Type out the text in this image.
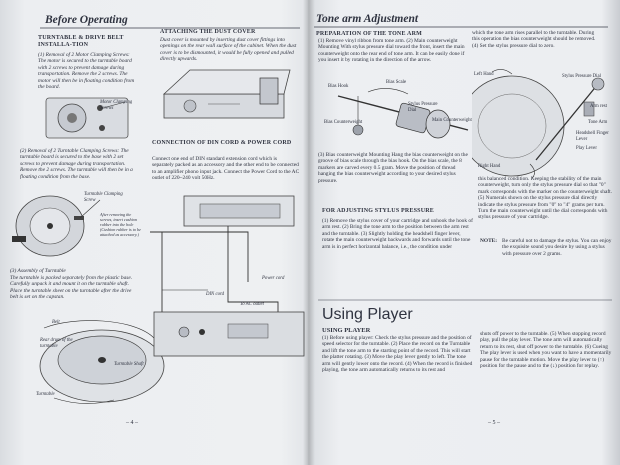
Before Operating
TURNTABLE & DRIVE BELT INSTALLA-TION
(1) Removal of 2 Motor Clamping Screws: The motor is secured to the turntable board with 2 screws to prevent damage during transportation. Remove the 2 screws. The motor will then be in floating condition from the board.
Motor Clamping Screws
(2) Removal of 2 Turntable Clamping Screws: The turntable board is secured to the base with 2 set screws to prevent damage during transportation. Remove the 2 screws. The turntable will then be in a floating condition from the base.
Turntable Clamping Screw
After removing the screws, insert cushion rubber into the hole (Cushion rubber is to be attached as accessory.)
(3) Assembly of Turntable
The turntable is packed separately from the plastic base. Carefully unpack it and mount it on the turntable shaft. Place the turntable sheet on the turntable after the drive belt is set on the capstan.
Belt
Rear drum of the turntable
Turntable Shaft
Turntable
ATTACHING THE DUST COVER
Dust cover is mounted by inserting dust cover fittings into openings on the rear wall surface of the cabinet. When the dust cover is to be dismounted, it would be fully opened and pulled directly upwards.
CONNECTION OF DIN CORD & POWER CORD
Connect one end of DIN standard extension cord which is separately packed as an accessory and the other end to be connected to an amplifier phono input jack. Connect the Power Cord to the AC outlet of 220~240 volt 50Hz.
Power cord
DIN cord
To AC outlet
– 4 –
Tone arm Adjustment
PREPARATION OF THE TONE ARM
(1) Remove vinyl ribbon from tone arm. (2) Main counterweight Mounting With stylus pressure dial toward the front, insert the main counterweight onto the rear end of tone arm. It can be easily done if you insert it by rotating in the direction of the arrow.
which the tone arm rises parallel to the turntable. During this operation the bias counterweight should be removed. (4) Set the stylus pressure dial to zero.
Bias Hook
Bias Scale
Stylus Pressure Dial
Main Counterweight
Bias Counterweight
Left Hand	Stylus Pressure Dial
Arm rest
Tone Arm
Headshell Finger Lever
Play Lever
Right Hand
(3) Bias counterweight Mounting Hang the bias counterweight on the groove of bias scale through the bias hook. On the bias scale, the 8 markers are carved every 0.5 gram. Move the position of thread hanging the bias counterweight according to your desired stylus pressure.	this balanced condition. Keeping the stability of the main counterweight, turn only the stylus pressure dial so that "0" mark corresponds with the marker on the counterweight shaft. (5) Numerals shown on the stylus pressure dial directly indicate the stylus pressure from "0" to "4" grams per turn. Turn the main counterweight until the dial corresponds with stylus pressure of your cartridge.
FOR ADJUSTING STYLUS PRESSURE
(1) Remove the stylus cover of your cartridge and unhook the hook of arm rest. (2) Bring the tone arm to the position between the arm rest and the turntable. (3) Slightly holding the headshell finger lever, rotate the main counterweight backwards and forwards until the tone arm is in perfect horizontal balance, i.e., the condition under
NOTE: Be careful not to damage the stylus. You can enjoy the exquisite sound you desire by using a stylus with pressure over 2 grams.
Using Player
USING PLAYER
(1) Before using player: Check the stylus pressure and the position of speed selector for the turntable. (2) Place the record on the Turntable and lift the tone arm to the starting point of the record. This will start the platter rotating. (3) Move the play lever gently to left. The tone arm will gently lower onto the record. (4) When the record is finished playing, the tone arm automatically returns to its rest and
shuts off power to the turntable. (5) When stopping record play, pull the play lever. The tone arm will automatically return to its rest, shut off power to the turntable. (6) Cueing The play lever is used when you want to have a momentarily pause for the turntable motion. Move the play lever to (↑) position for the pause and to the (↓) position for replay.
– 5 –
